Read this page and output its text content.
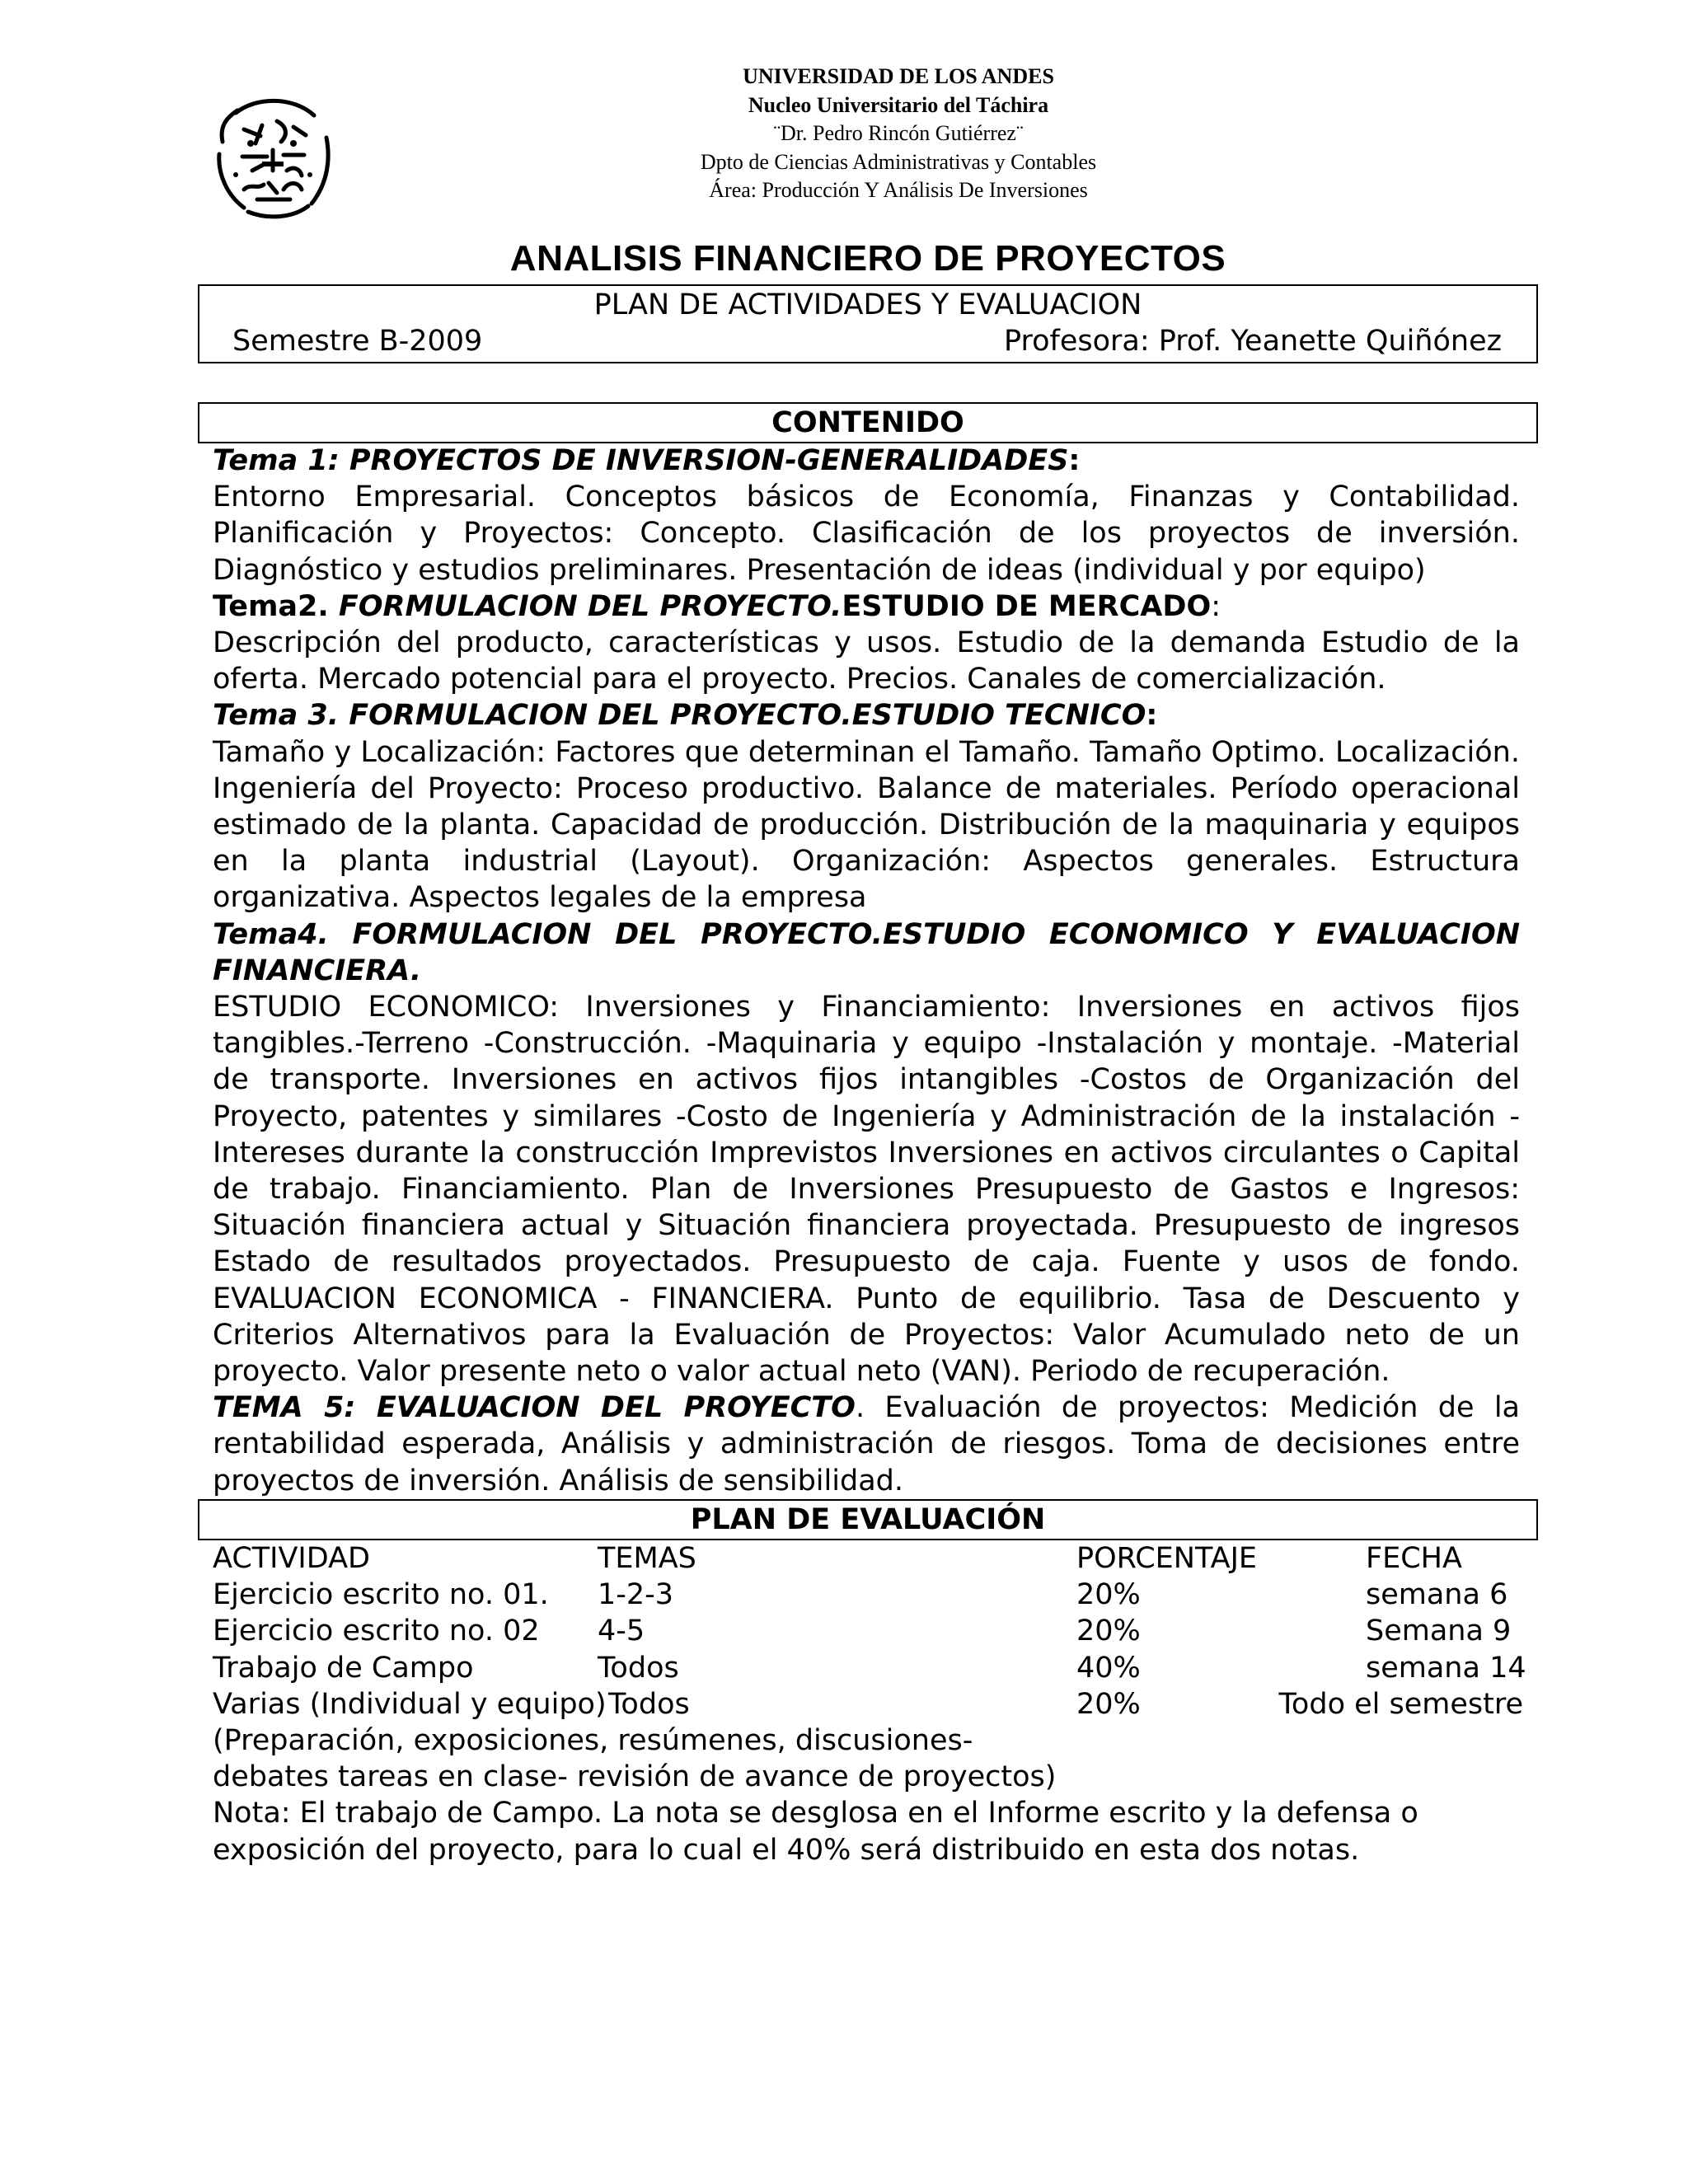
UNIVERSIDAD DE LOS ANDES
Nucleo Universitario del Táchira
¨Dr. Pedro Rincón Gutiérrez¨
Dpto de Ciencias Administrativas y Contables
Área: Producción Y Análisis De Inversiones
ANALISIS FINANCIERO DE PROYECTOS
PLAN DE ACTIVIDADES Y EVALUACION
Semestre B-2009	Profesora: Prof. Yeanette Quiñónez
CONTENIDO

Tema 1: PROYECTOS DE INVERSION-GENERALIDADES:

Entorno Empresarial. Conceptos básicos de Economía, Finanzas y Contabilidad. Planificación y Proyectos: Concepto. Clasificación de los proyectos de inversión. Diagnóstico y estudios preliminares. Presentación de ideas (individual y por equipo)

Tema2. FORMULACION DEL PROYECTO.ESTUDIO DE MERCADO:

Descripción del producto, características y usos. Estudio de la demanda Estudio de la oferta. Mercado potencial para el proyecto. Precios. Canales de comercialización.

Tema 3. FORMULACION DEL PROYECTO.ESTUDIO TECNICO:

Tamaño y Localización: Factores que determinan el Tamaño. Tamaño Optimo. Localización. Ingeniería del Proyecto: Proceso productivo. Balance de materiales. Período operacional estimado de la planta. Capacidad de producción. Distribución de la maquinaria y equipos en la planta industrial (Layout). Organización: Aspectos generales. Estructura organizativa. Aspectos legales de la empresa

Tema4. FORMULACION DEL PROYECTO.ESTUDIO ECONOMICO Y EVALUACION

FINANCIERA.

ESTUDIO ECONOMICO: Inversiones y Financiamiento: Inversiones en activos fijos tangibles.-Terreno -Construcción. -Maquinaria y equipo -Instalación y montaje. -Material de transporte. Inversiones en activos fijos intangibles -Costos de Organización del Proyecto, patentes y similares -Costo de Ingeniería y Administración de la instalación -Intereses durante la construcción Imprevistos Inversiones en activos circulantes o Capital de trabajo. Financiamiento. Plan de Inversiones Presupuesto de Gastos e Ingresos: Situación financiera actual y Situación financiera proyectada. Presupuesto de ingresos Estado de resultados proyectados. Presupuesto de caja. Fuente y usos de fondo. EVALUACION ECONOMICA - FINANCIERA. Punto de equilibrio. Tasa de Descuento y Criterios Alternativos para la Evaluación de Proyectos: Valor Acumulado neto de un proyecto. Valor presente neto o valor actual neto (VAN). Periodo de recuperación.

TEMA 5: EVALUACION DEL PROYECTO. Evaluación de proyectos: Medición de la rentabilidad esperada, Análisis y administración de riesgos. Toma de decisiones entre proyectos de inversión. Análisis de sensibilidad.

PLAN DE EVALUACIÓN
ACTIVIDAD	TEMAS	PORCENTAJE	FECHA
Ejercicio escrito no. 01. 1-2-3	20%	semana 6
Ejercicio escrito no. 02 4-5	20%	Semana 9
Trabajo de Campo	Todos	40%	semana 14
Varias (Individual y equipo) Todos	20%	Todo el semestre

(Preparación, exposiciones, resúmenes, discusiones-

debates tareas en clase- revisión de avance de proyectos)

Nota: El trabajo de Campo. La nota se desglosa en el Informe escrito y la defensa o

exposición del proyecto, para lo cual el 40% será distribuido en esta dos notas.
